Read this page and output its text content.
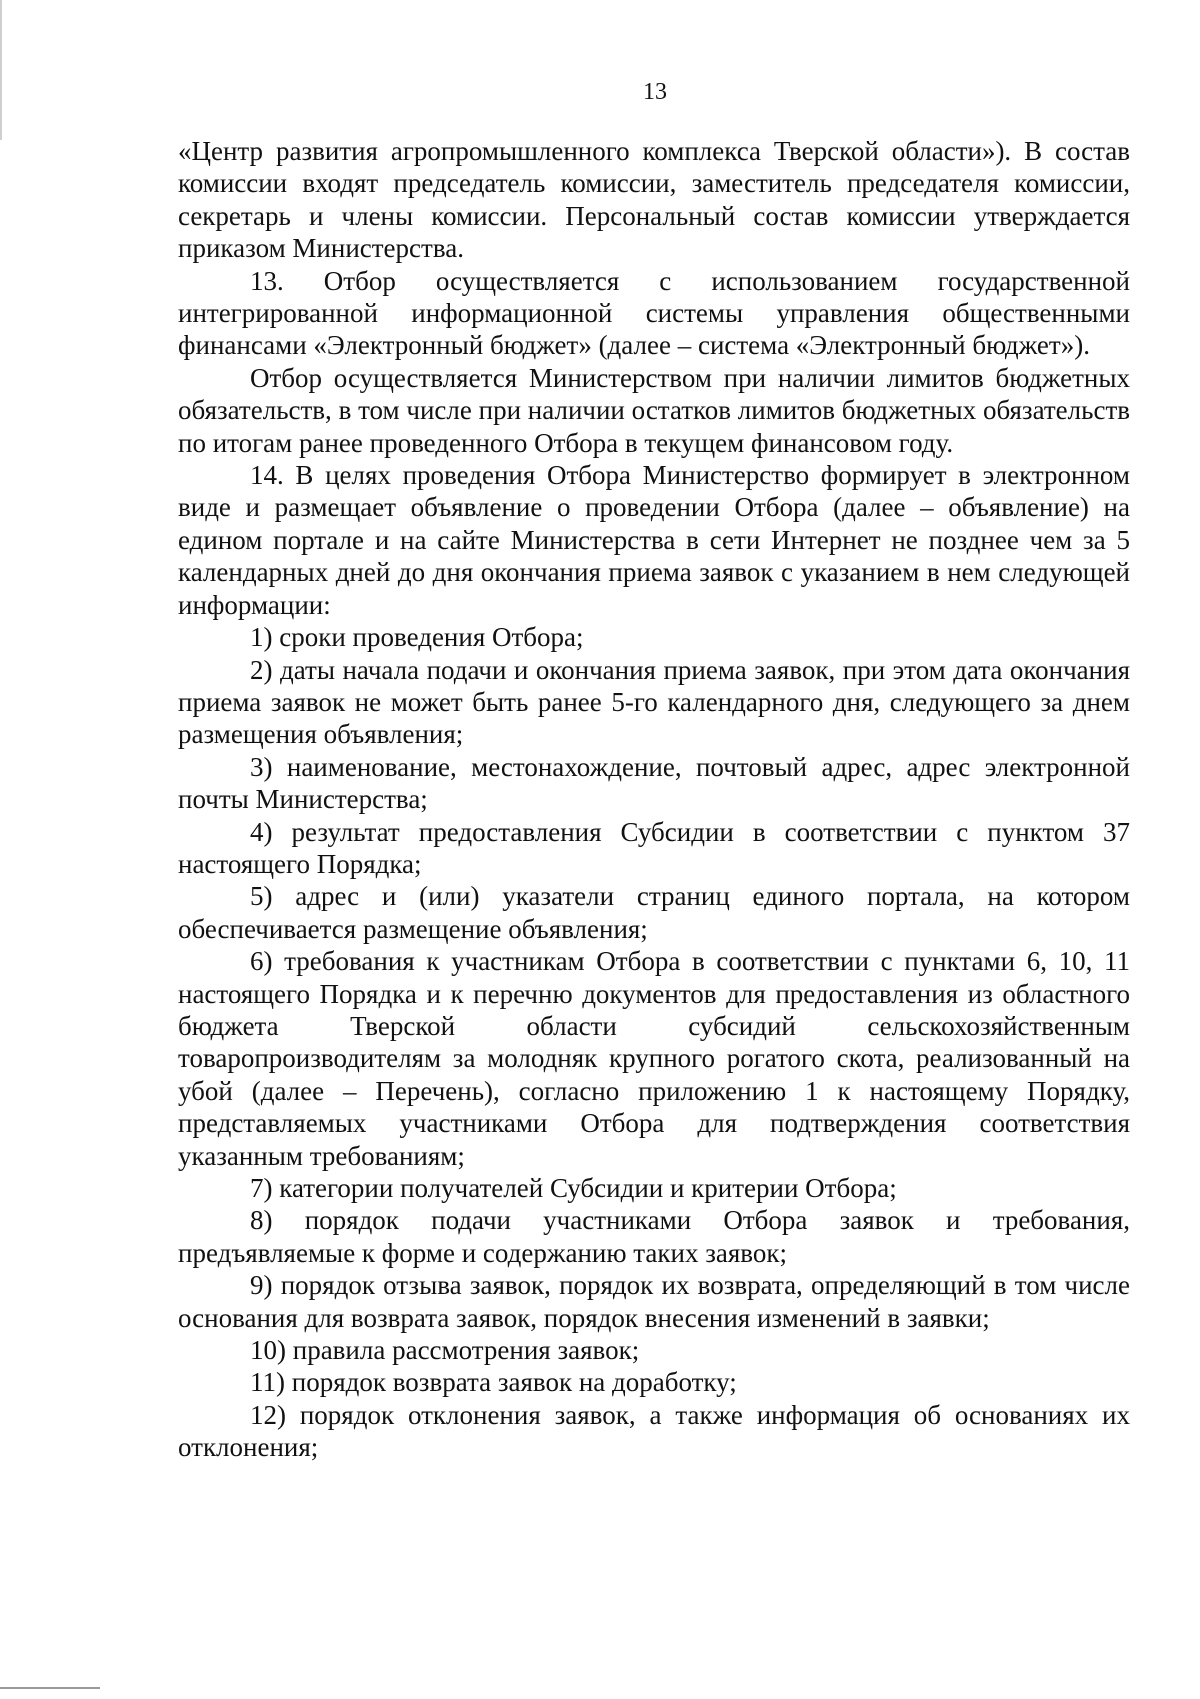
13

«Центр развития агропромышленного комплекса Тверской области»). В состав комиссии входят председатель комиссии, заместитель председателя комиссии, секретарь и члены комиссии. Персональный состав комиссии утверждается приказом Министерства.

13. Отбор осуществляется с использованием государственной интегрированной информационной системы управления общественными финансами «Электронный бюджет» (далее – система «Электронный бюджет»).

Отбор осуществляется Министерством при наличии лимитов бюджетных обязательств, в том числе при наличии остатков лимитов бюджетных обязательств по итогам ранее проведенного Отбора в текущем финансовом году.

14. В целях проведения Отбора Министерство формирует в электронном виде и размещает объявление о проведении Отбора (далее – объявление) на едином портале и на сайте Министерства в сети Интернет не позднее чем за 5 календарных дней до дня окончания приема заявок с указанием в нем следующей информации:

1) сроки проведения Отбора;

2) даты начала подачи и окончания приема заявок, при этом дата окончания приема заявок не может быть ранее 5-го календарного дня, следующего за днем размещения объявления;

3) наименование, местонахождение, почтовый адрес, адрес электронной почты Министерства;

4) результат предоставления Субсидии в соответствии с пунктом 37 настоящего Порядка;

5) адрес и (или) указатели страниц единого портала, на котором обеспечивается размещение объявления;

6) требования к участникам Отбора в соответствии с пунктами 6, 10, 11 настоящего Порядка и к перечню документов для предоставления из областного бюджета Тверской области субсидий сельскохозяйственным товаропроизводителям за молодняк крупного рогатого скота, реализованный на убой (далее – Перечень), согласно приложению 1 к настоящему Порядку, представляемых участниками Отбора для подтверждения соответствия указанным требованиям;

7) категории получателей Субсидии и критерии Отбора;

8) порядок подачи участниками Отбора заявок и требования, предъявляемые к форме и содержанию таких заявок;

9) порядок отзыва заявок, порядок их возврата, определяющий в том числе основания для возврата заявок, порядок внесения изменений в заявки;

10) правила рассмотрения заявок;

11) порядок возврата заявок на доработку;

12) порядок отклонения заявок, а также информация об основаниях их отклонения;
